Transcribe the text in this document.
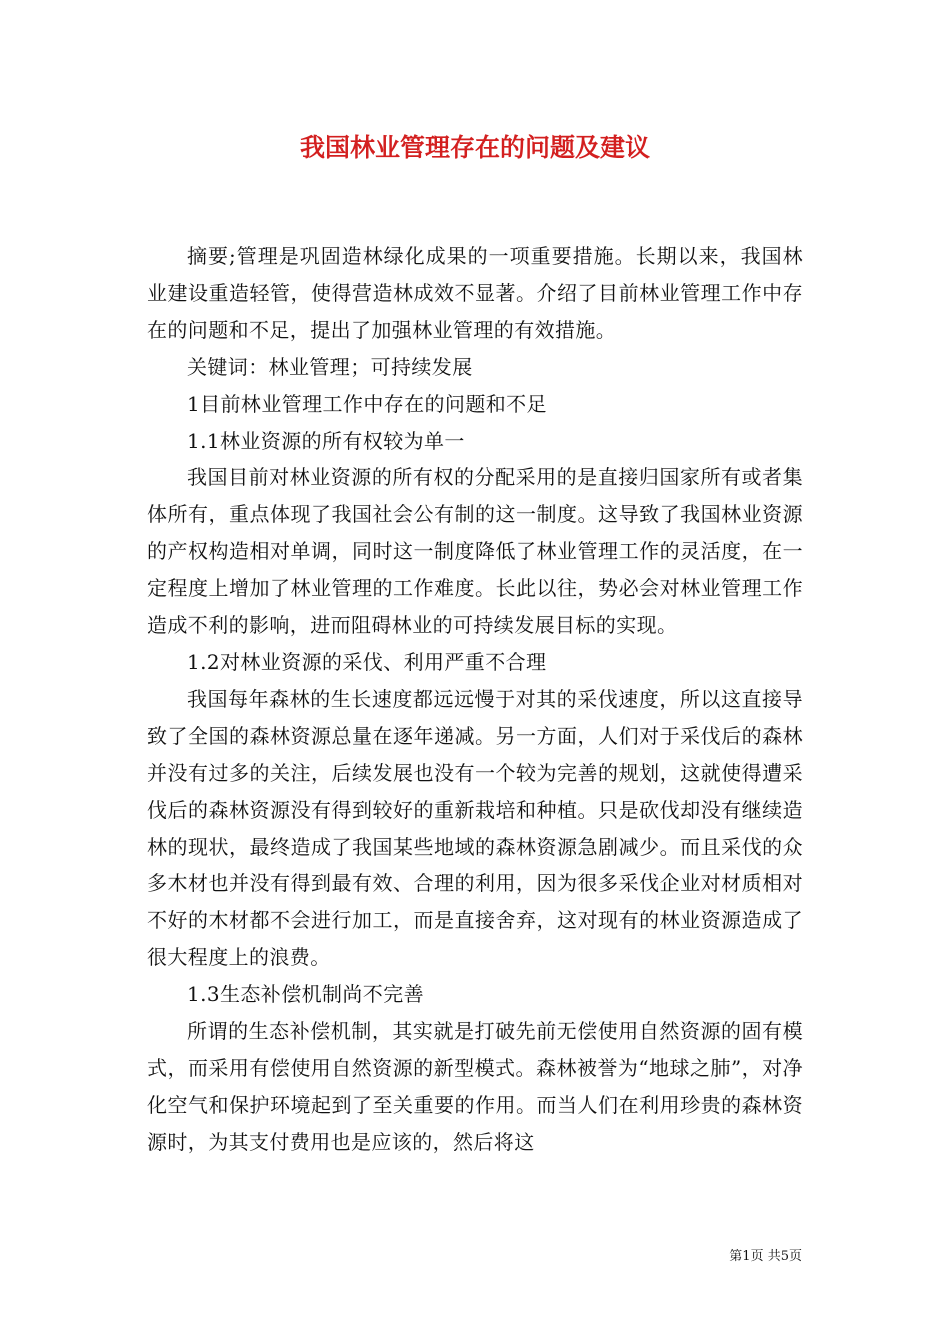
我国林业管理存在的问题及建议

摘要;管理是巩固造林绿化成果的一项重要措施。长期以来，我国林业建设重造轻管，使得营造林成效不显著。介绍了目前林业管理工作中存在的问题和不足，提出了加强林业管理的有效措施。

关键词：林业管理；可持续发展

1目前林业管理工作中存在的问题和不足

1.1林业资源的所有权较为单一

我国目前对林业资源的所有权的分配采用的是直接归国家所有或者集体所有，重点体现了我国社会公有制的这一制度。这导致了我国林业资源的产权构造相对单调，同时这一制度降低了林业管理工作的灵活度，在一定程度上增加了林业管理的工作难度。长此以往，势必会对林业管理工作造成不利的影响，进而阻碍林业的可持续发展目标的实现。

1.2对林业资源的采伐、利用严重不合理

我国每年森林的生长速度都远远慢于对其的采伐速度，所以这直接导致了全国的森林资源总量在逐年递减。另一方面，人们对于采伐后的森林并没有过多的关注，后续发展也没有一个较为完善的规划，这就使得遭采伐后的森林资源没有得到较好的重新栽培和种植。只是砍伐却没有继续造林的现状，最终造成了我国某些地域的森林资源急剧减少。而且采伐的众多木材也并没有得到最有效、合理的利用，因为很多采伐企业对材质相对不好的木材都不会进行加工，而是直接舍弃，这对现有的林业资源造成了很大程度上的浪费。

1.3生态补偿机制尚不完善

所谓的生态补偿机制，其实就是打破先前无偿使用自然资源的固有模式，而采用有偿使用自然资源的新型模式。森林被誉为“地球之肺”，对净化空气和保护环境起到了至关重要的作用。而当人们在利用珍贵的森林资源时，为其支付费用也是应该的，然后将这

第1页 共5页
